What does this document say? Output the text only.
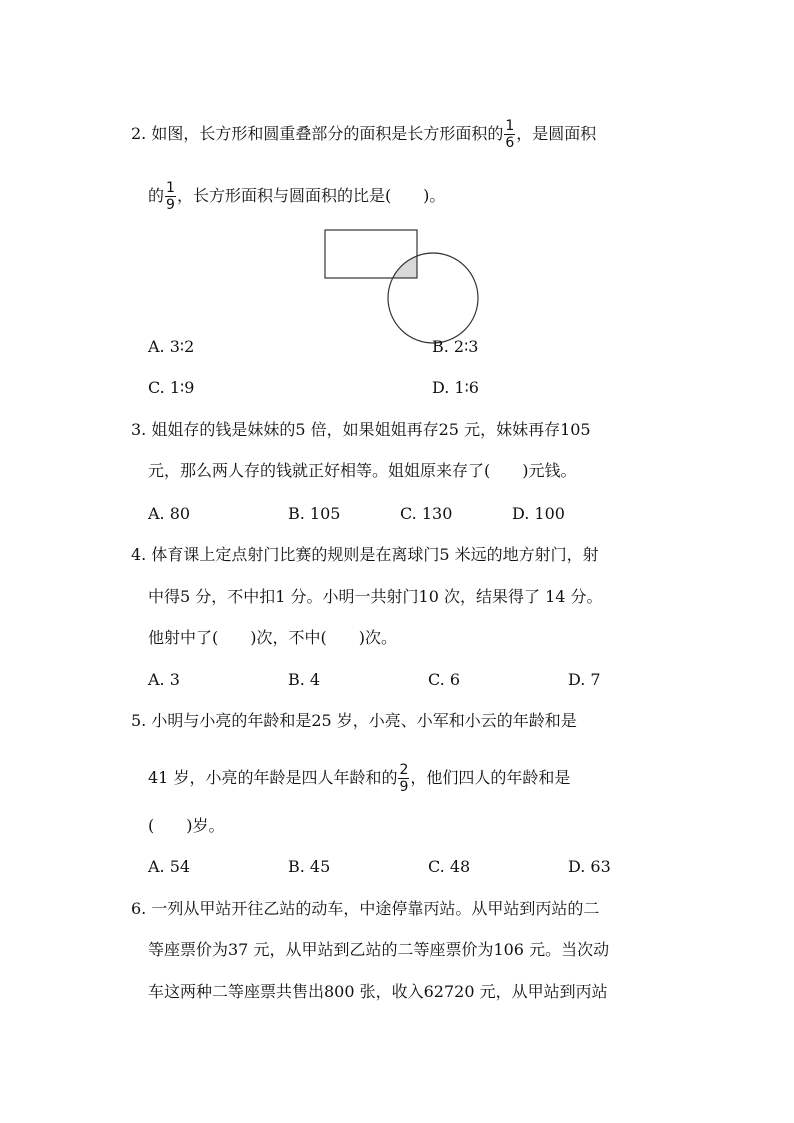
2. 如图，长方形和圆重叠部分的面积是长方形面积的 $\frac{1}{6}$ ，是圆面积
的 $\frac{1}{9}$ ，长方形面积与圆面积的比是(　　)。
A. 3∶2	B. 2∶3
C. 1∶9	D. 1∶6
3. 姐姐存的钱是妹妹的5 倍，如果姐姐再存25 元，妹妹再存105
元，那么两人存的钱就正好相等。姐姐原来存了(　　)元钱。
A. 80	B. 105	C. 130	D. 100
4. 体育课上定点射门比赛的规则是在离球门5 米远的地方射门，射
中得5 分，不中扣1 分。小明一共射门10 次，结果得了 14 分。
他射中了(　　)次，不中(　　)次。
A. 3	B. 4	C. 6	D. 7
5. 小明与小亮的年龄和是25 岁，小亮、小军和小云的年龄和是
41 岁，小亮的年龄是四人年龄和的 $\frac{2}{9}$ ，他们四人的年龄和是
(　　)岁。
A. 54	B. 45	C. 48	D. 63
6. 一列从甲站开往乙站的动车，中途停靠丙站。从甲站到丙站的二
等座票价为37 元，从甲站到乙站的二等座票价为106 元。当次动
车这两种二等座票共售出800 张，收入62720 元，从甲站到丙站
